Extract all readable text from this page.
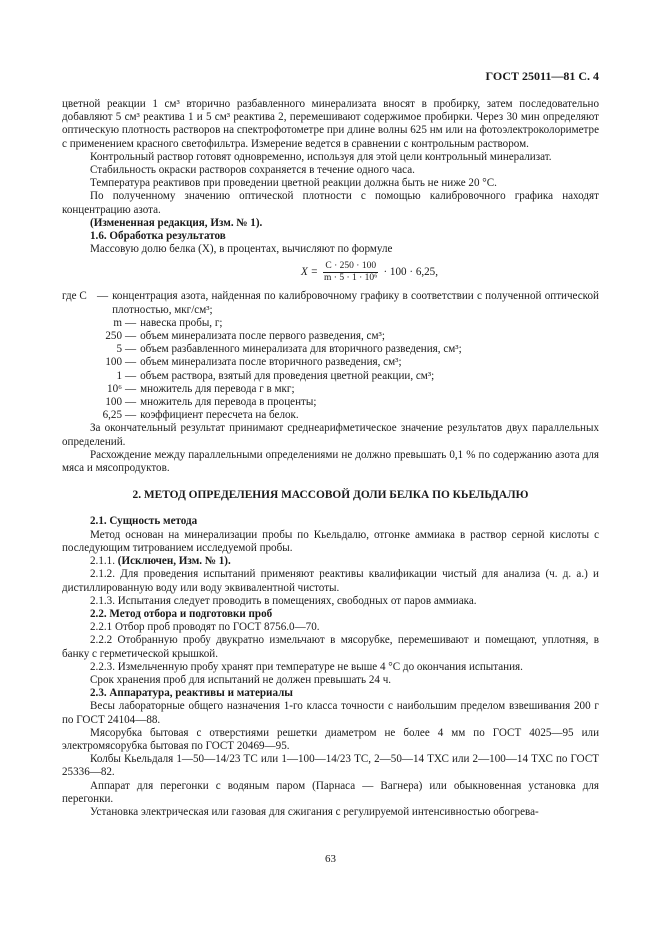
ГОСТ 25011—81 С. 4

цветной реакции 1 см³ вторично разбавленного минерализата вносят в пробирку, затем последовательно добавляют 5 см³ реактива 1 и 5 см³ реактива 2, перемешивают содержимое пробирки. Через 30 мин определяют оптическую плотность растворов на спектрофотометре при длине волны 625 нм или на фотоэлектроколориметре с применением красного светофильтра. Измерение ведется в сравнении с контрольным раствором.

Контрольный раствор готовят одновременно, используя для этой цели контрольный минерализат.

Стабильность окраски растворов сохраняется в течение одного часа.

Температура реактивов при проведении цветной реакции должна быть не ниже 20 °С.

По полученному значению оптической плотности с помощью калибровочного графика находят концентрацию азота.

(Измененная редакция, Изм. № 1).

1.6. Обработка результатов

Массовую долю белка (X), в процентах, вычисляют по формуле

$X = \frac{C \cdot 250 \cdot 100}{\text{m · 5 · 1 · 10⁶}} \cdot 100 \cdot 6,25$,
где C — концентрация азота, найденная по калибровочному графику в соответствии с полученной оптической плотностью, мкг/см³;
m — навеска пробы, г;
250 — объем минерализата после первого разведения, см³;
5 — объем разбавленного минерализата для вторичного разведения, см³;
100 — объем минерализата после вторичного разведения, см³;
1 — объем раствора, взятый для проведения цветной реакции, см³;
10⁶ — множитель для перевода г в мкг;
100 — множитель для перевода в проценты;
6,25 — коэффициент пересчета на белок.

За окончательный результат принимают среднеарифметическое значение результатов двух параллельных определений.

Расхождение между параллельными определениями не должно превышать 0,1 % по содержанию азота для мяса и мясопродуктов.

2. МЕТОД ОПРЕДЕЛЕНИЯ МАССОВОЙ ДОЛИ БЕЛКА ПО КЬЕЛЬДАЛЮ

2.1. Сущность метода

Метод основан на минерализации пробы по Кьельдалю, отгонке аммиака в раствор серной кислоты с последующим титрованием исследуемой пробы.

2.1.1. (Исключен, Изм. № 1).

2.1.2. Для проведения испытаний применяют реактивы квалификации чистый для анализа (ч. д. а.) и дистиллированную воду или воду эквивалентной чистоты.

2.1.3. Испытания следует проводить в помещениях, свободных от паров аммиака.

2.2. Метод отбора и подготовки проб

2.2.1 Отбор проб проводят по ГОСТ 8756.0—70.

2.2.2 Отобранную пробу двукратно измельчают в мясорубке, перемешивают и помещают, уплотняя, в банку с герметической крышкой.

2.2.3. Измельченную пробу хранят при температуре не выше 4 °С до окончания испытания.

Срок хранения проб для испытаний не должен превышать 24 ч.

2.3. Аппаратура, реактивы и материалы

Весы лабораторные общего назначения 1-го класса точности с наибольшим пределом взвешивания 200 г по ГОСТ 24104—88.

Мясорубка бытовая с отверстиями решетки диаметром не более 4 мм по ГОСТ 4025—95 или электромясорубка бытовая по ГОСТ 20469—95.

Колбы Кьельдаля 1—50—14/23 ТС или 1—100—14/23 ТС, 2—50—14 ТХС или 2—100—14 ТХС по ГОСТ 25336—82.

Аппарат для перегонки с водяным паром (Парнаса — Вагнера) или обыкновенная установка для перегонки.

Установка электрическая или газовая для сжигания с регулируемой интенсивностью обогрева-

63
